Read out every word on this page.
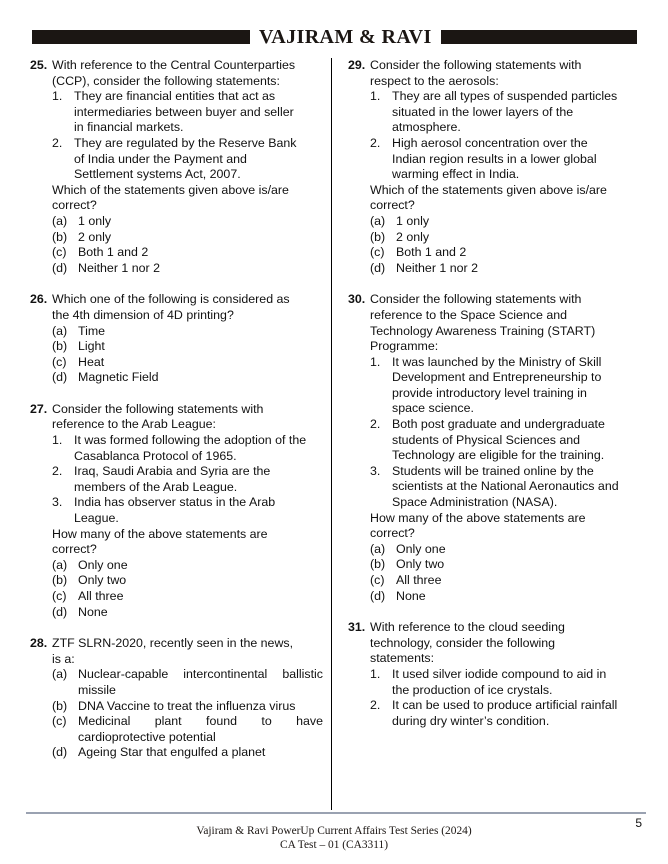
VAJIRAM & RAVI
25. With reference to the Central Counterparties
(CCP), consider the following statements:
1. They are financial entities that act as
intermediaries between buyer and seller
in financial markets.
2. They are regulated by the Reserve Bank
of India under the Payment and
Settlement systems Act, 2007.
Which of the statements given above is/are
correct?
(a) 1 only
(b) 2 only
(c) Both 1 and 2
(d) Neither 1 nor 2
26. Which one of the following is considered as
the 4th dimension of 4D printing?
(a) Time
(b) Light
(c) Heat
(d) Magnetic Field
27. Consider the following statements with
reference to the Arab League:
1. It was formed following the adoption of the
Casablanca Protocol of 1965.
2. Iraq, Saudi Arabia and Syria are the
members of the Arab League.
3. India has observer status in the Arab
League.
How many of the above statements are
correct?
(a) Only one
(b) Only two
(c) All three
(d) None
28. ZTF SLRN-2020, recently seen in the news,
is a:
(a) Nuclear-capable intercontinental ballistic missile
(b) DNA Vaccine to treat the influenza virus
(c) Medicinal plant found to have cardioprotective potential
(d) Ageing Star that engulfed a planet
29. Consider the following statements with
respect to the aerosols:
1. They are all types of suspended particles
situated in the lower layers of the
atmosphere.
2. High aerosol concentration over the
Indian region results in a lower global
warming effect in India.
Which of the statements given above is/are
correct?
(a) 1 only
(b) 2 only
(c) Both 1 and 2
(d) Neither 1 nor 2
30. Consider the following statements with
reference to the Space Science and
Technology Awareness Training (START)
Programme:
1. It was launched by the Ministry of Skill
Development and Entrepreneurship to
provide introductory level training in
space science.
2. Both post graduate and undergraduate
students of Physical Sciences and
Technology are eligible for the training.
3. Students will be trained online by the
scientists at the National Aeronautics and
Space Administration (NASA).
How many of the above statements are
correct?
(a) Only one
(b) Only two
(c) All three
(d) None
31. With reference to the cloud seeding
technology, consider the following
statements:
1. It used silver iodide compound to aid in
the production of ice crystals.
2. It can be used to produce artificial rainfall
during dry winter’s condition.
Vajiram & Ravi PowerUp Current Affairs Test Series (2024)
CA Test – 01 (CA3311)
5
